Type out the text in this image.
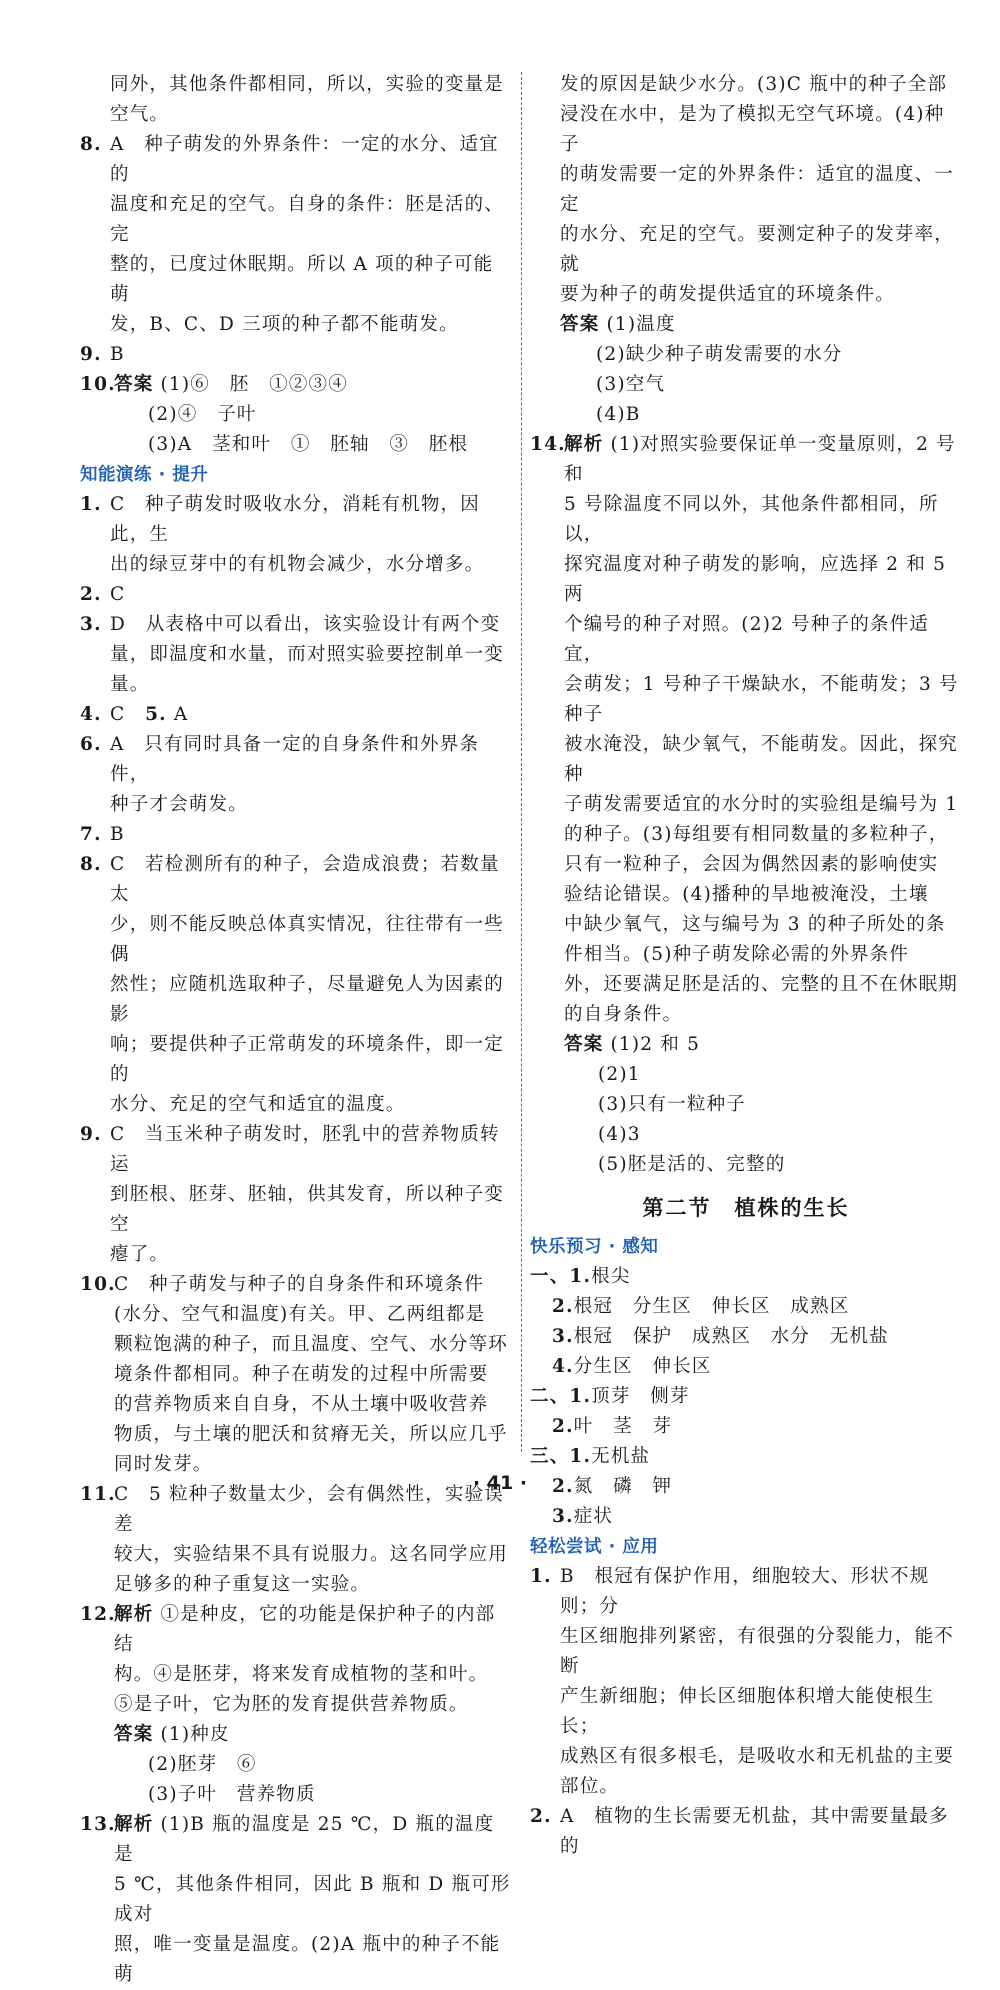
同外，其他条件都相同，所以，实验的变量是
空气。
8. A　种子萌发的外界条件：一定的水分、适宜的
温度和充足的空气。自身的条件：胚是活的、完
整的，已度过休眠期。所以 A 项的种子可能萌
发，B、C、D 三项的种子都不能萌发。
9. B
10.
答案 (1)⑥　胚　①②③④
(2)④　子叶
(3)A　茎和叶　①　胚轴　③　胚根
知能演练 · 提升
1. C　种子萌发时吸收水分，消耗有机物，因此，生
出的绿豆芽中的有机物会减少，水分增多。
2. C
3. D　从表格中可以看出，该实验设计有两个变
量，即温度和水量，而对照实验要控制单一变量。
4. C　5. A
6. A　只有同时具备一定的自身条件和外界条件，
种子才会萌发。
7. B
8. C　若检测所有的种子，会造成浪费；若数量太
少，则不能反映总体真实情况，往往带有一些偶
然性；应随机选取种子，尽量避免人为因素的影
响；要提供种子正常萌发的环境条件，即一定的
水分、充足的空气和适宜的温度。
9. C　当玉米种子萌发时，胚乳中的营养物质转运
到胚根、胚芽、胚轴，供其发育，所以种子变空
瘪了。
10.
C　种子萌发与种子的自身条件和环境条件
(水分、空气和温度)有关。甲、乙两组都是
颗粒饱满的种子，而且温度、空气、水分等环
境条件都相同。种子在萌发的过程中所需要
的营养物质来自自身，不从土壤中吸收营养
物质，与土壤的肥沃和贫瘠无关，所以应几乎
同时发芽。
11.
C　5 粒种子数量太少，会有偶然性，实验误差
较大，实验结果不具有说服力。这名同学应用
足够多的种子重复这一实验。
12.
解析 ①是种皮，它的功能是保护种子的内部结
构。④是胚芽，将来发育成植物的茎和叶。
⑤是子叶，它为胚的发育提供营养物质。
答案 (1)种皮
(2)胚芽　⑥
(3)子叶　营养物质
13.
解析 (1)B 瓶的温度是 25 ℃，D 瓶的温度是
5 ℃，其他条件相同，因此 B 瓶和 D 瓶可形成对
照，唯一变量是温度。(2)A 瓶中的种子不能萌
发的原因是缺少水分。(3)C 瓶中的种子全部
浸没在水中，是为了模拟无空气环境。(4)种子
的萌发需要一定的外界条件：适宜的温度、一定
的水分、充足的空气。要测定种子的发芽率，就
要为种子的萌发提供适宜的环境条件。
答案 (1)温度
(2)缺少种子萌发需要的水分
(3)空气
(4)B
14.
解析 (1)对照实验要保证单一变量原则，2 号和
5 号除温度不同以外，其他条件都相同，所以，
探究温度对种子萌发的影响，应选择 2 和 5 两
个编号的种子对照。(2)2 号种子的条件适宜，
会萌发；1 号种子干燥缺水，不能萌发；3 号种子
被水淹没，缺少氧气，不能萌发。因此，探究种
子萌发需要适宜的水分时的实验组是编号为 1
的种子。(3)每组要有相同数量的多粒种子，
只有一粒种子，会因为偶然因素的影响使实
验结论错误。(4)播种的旱地被淹没，土壤
中缺少氧气，这与编号为 3 的种子所处的条
件相当。(5)种子萌发除必需的外界条件
外，还要满足胚是活的、完整的且不在休眠期
的自身条件。
答案 (1)2 和 5
(2)1
(3)只有一粒种子
(4)3
(5)胚是活的、完整的
第二节　植株的生长
快乐预习 · 感知
一、1. 根尖
2. 根冠　分生区　伸长区　成熟区
3. 根冠　保护　成熟区　水分　无机盐
4. 分生区　伸长区
二、1. 顶芽　侧芽
2. 叶　茎　芽
三、1. 无机盐
2. 氮　磷　钾
3. 症状
轻松尝试 · 应用
1. B　根冠有保护作用，细胞较大、形状不规则；分
生区细胞排列紧密，有很强的分裂能力，能不断
产生新细胞；伸长区细胞体积增大能使根生长；
成熟区有很多根毛，是吸收水和无机盐的主要
部位。
2. A　植物的生长需要无机盐，其中需要量最多的
· 41 ·
